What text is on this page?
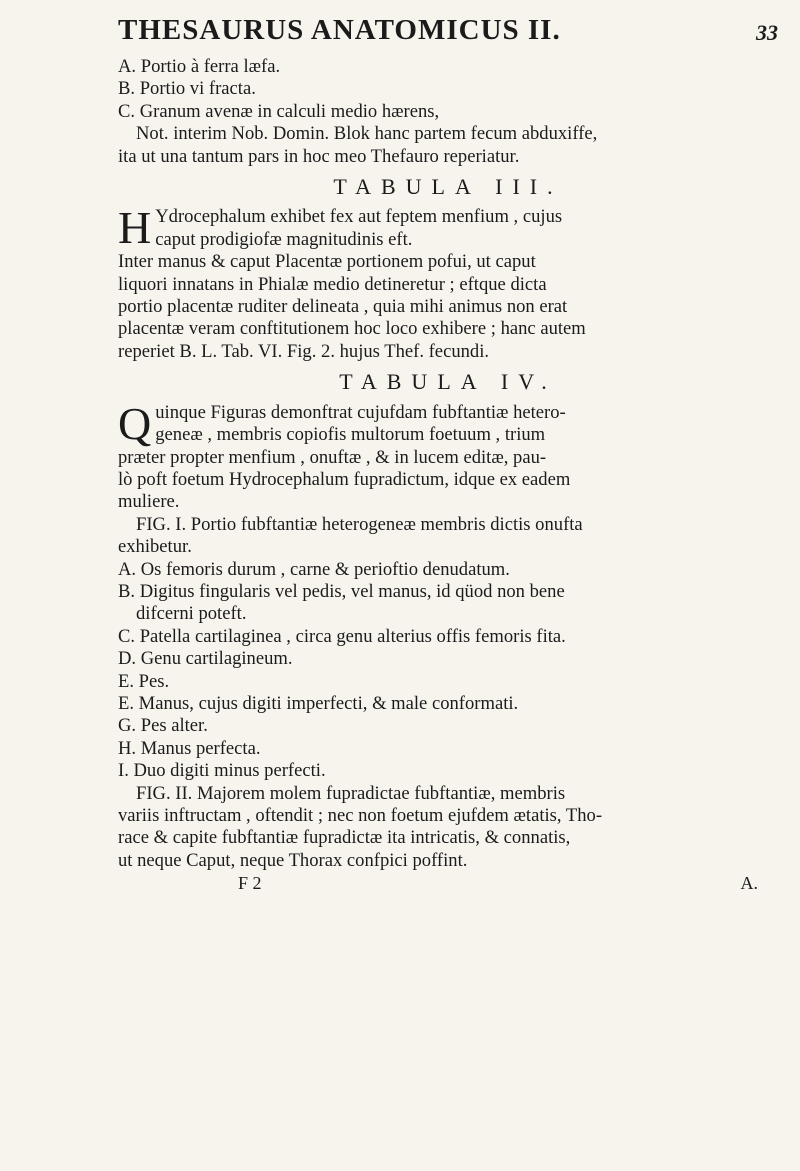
THESAURUS ANATOMICUS II.	33
A. Portio à ferra læfa.
B. Portio vi fracta.
C. Granum avenæ in calculi medio hærens,
Not. interim Nob. Domin. Blok hanc partem fecum abduxiffe,
ita ut una tantum pars in hoc meo Thefauro reperiatur.
TABULA III.
H Ydrocephalum exhibet fex aut feptem menfium , cujus
caput prodigiofæ magnitudinis eft.
Inter manus & caput Placentæ portionem pofui, ut caput
liquori innatans in Phialæ medio detineretur ; eftque dicta
portio placentæ ruditer delineata , quia mihi animus non erat
placentæ veram conftitutionem hoc loco exhibere ; hanc autem
reperiet B. L. Tab. VI. Fig. 2. hujus Thef. fecundi.
TABULA IV.
Q uinque Figuras demonftrat cujufdam fubftantiæ hetero-
geneæ , membris copiofis multorum foetuum , trium
præter propter menfium , onuftæ , & in lucem editæ, pau-
lò poft foetum Hydrocephalum fupradictum, idque ex eadem
muliere.
FIG. I. Portio fubftantiæ heterogeneæ membris dictis onufta
exhibetur.
A. Os femoris durum , carne & perioftio denudatum.
B. Digitus fingularis vel pedis, vel manus, id qüod non bene
difcerni poteft.
C. Patella cartilaginea , circa genu alterius offis femoris fita.
D. Genu cartilagineum.
E. Pes.
E. Manus, cujus digiti imperfecti, & male conformati.
G. Pes alter.
H. Manus perfecta.
I. Duo digiti minus perfecti.
FIG. II. Majorem molem fupradictae fubftantiæ, membris
variis inftructam , oftendit ; nec non foetum ejufdem ætatis, Tho-
race & capite fubftantiæ fupradictæ ita intricatis, & connatis,
ut neque Caput, neque Thorax confpici poffint.
F 2	A.
